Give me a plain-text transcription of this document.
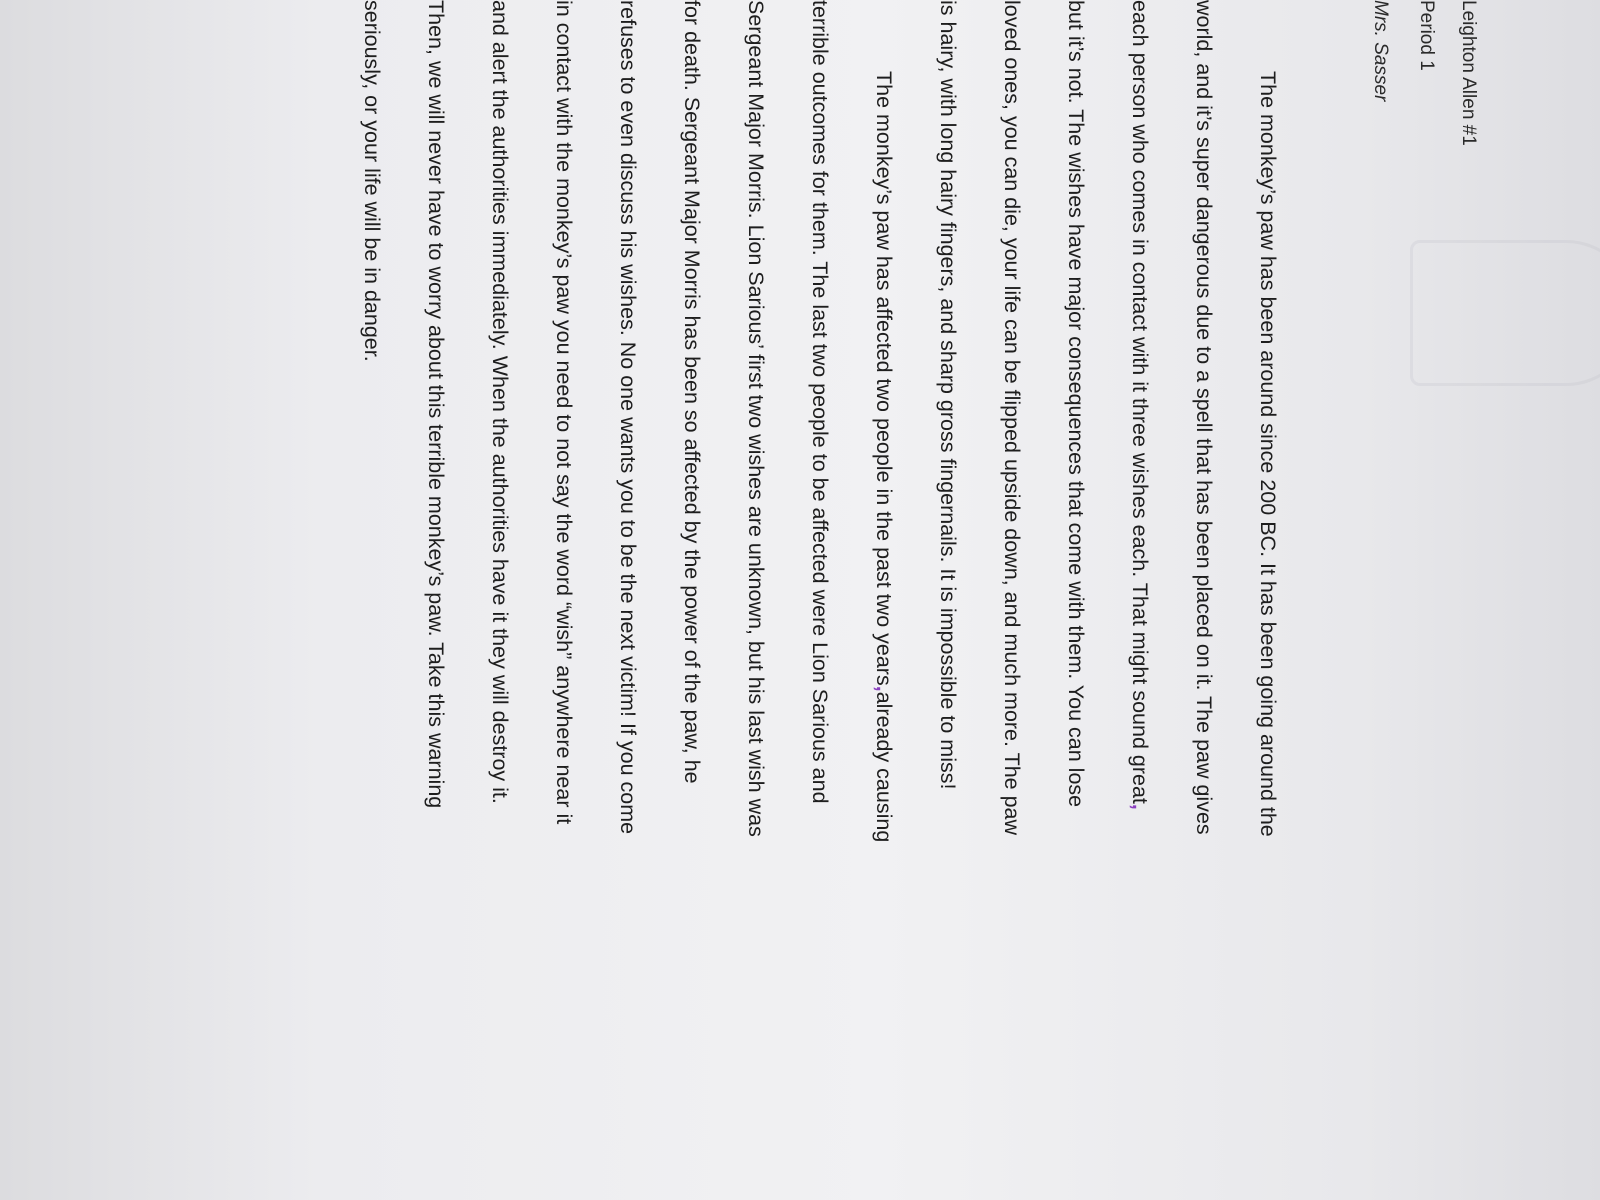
Leighton Allen #1
Period 1
Mrs. Sasser

The monkey’s paw has been around since 200 BC. It has been going around the
world, and it’s super dangerous due to a spell that has been placed on it. The paw gives
each person who comes in contact with it three wishes each. That might sound great,
but it’s not. The wishes have major consequences that come with them. You can lose
loved ones, you can die, your life can be flipped upside down, and much more. The paw
is hairy, with long hairy fingers, and sharp gross fingernails. It is impossible to miss!

The monkey’s paw has affected two people in the past two years,already causing
terrible outcomes for them. The last two people to be affected were Lion Sarious and
Sergeant Major Morris. Lion Sarious’ first two wishes are unknown, but his last wish was
for death. Sergeant Major Morris has been so affected by the power of the paw, he
refuses to even discuss his wishes. No one wants you to be the next victim! If you come
in contact with the monkey’s paw you need to not say the word “wish” anywhere near it
and alert the authorities immediately. When the authorities have it they will destroy it.
Then, we will never have to worry about this terrible monkey’s paw. Take this warning
seriously, or your life will be in danger.
